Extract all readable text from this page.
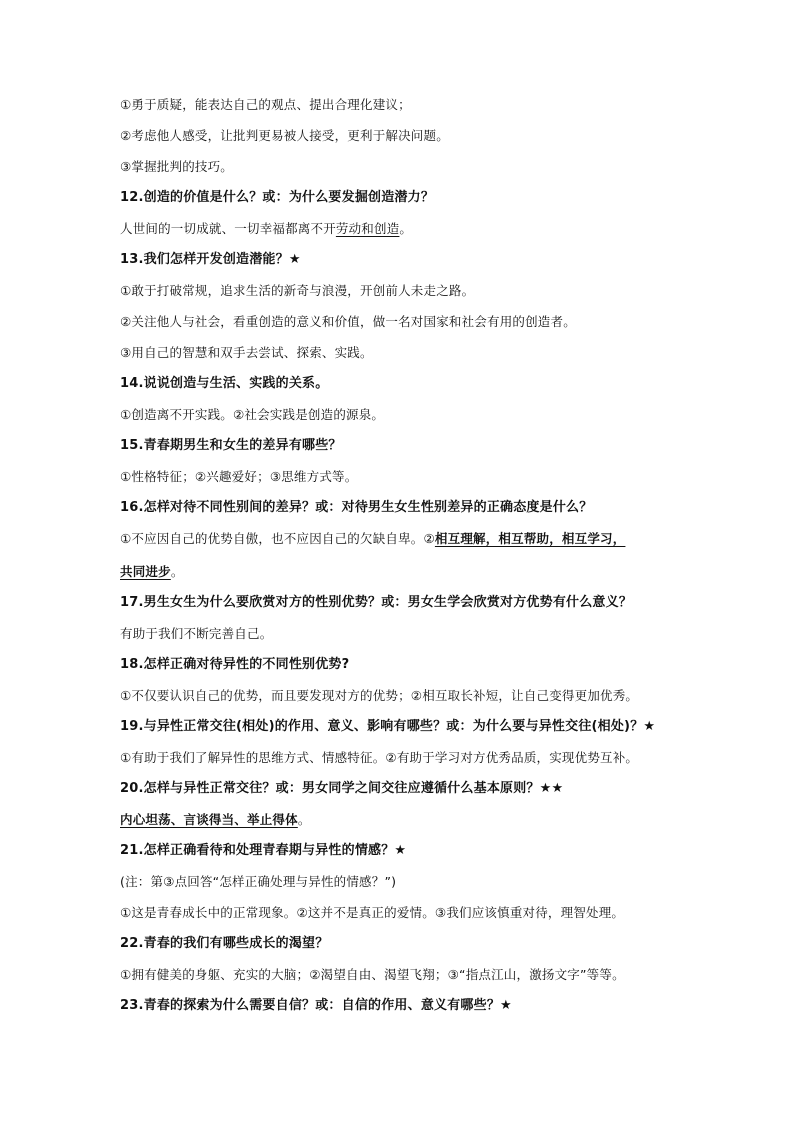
①勇于质疑，能表达自己的观点、提出合理化建议；
②考虑他人感受，让批判更易被人接受，更利于解决问题。
③掌握批判的技巧。
12.创造的价值是什么？或：为什么要发掘创造潜力？
人世间的一切成就、一切幸福都离不开劳动和创造。
13.我们怎样开发创造潜能？★
①敢于打破常规，追求生活的新奇与浪漫，开创前人未走之路。
②关注他人与社会，看重创造的意义和价值，做一名对国家和社会有用的创造者。
③用自己的智慧和双手去尝试、探索、实践。
14.说说创造与生活、实践的关系。
①创造离不开实践。②社会实践是创造的源泉。
15.青春期男生和女生的差异有哪些？
①性格特征；②兴趣爱好；③思维方式等。
16.怎样对待不同性别间的差异？或：对待男生女生性别差异的正确态度是什么？
①不应因自己的优势自傲，也不应因自己的欠缺自卑。②相互理解，相互帮助，相互学习，
共同进步。
17.男生女生为什么要欣赏对方的性别优势？或：男女生学会欣赏对方优势有什么意义？
有助于我们不断完善自己。
18.怎样正确对待异性的不同性别优势?
①不仅要认识自己的优势，而且要发现对方的优势；②相互取长补短，让自己变得更加优秀。
19.与异性正常交往(相处)的作用、意义、影响有哪些？或：为什么要与异性交往(相处)？★
①有助于我们了解异性的思维方式、情感特征。②有助于学习对方优秀品质，实现优势互补。
20.怎样与异性正常交往？或：男女同学之间交往应遵循什么基本原则？★★
内心坦荡、言谈得当、举止得体。
21.怎样正确看待和处理青春期与异性的情感？★
(注：第③点回答“怎样正确处理与异性的情感？”)
①这是青春成长中的正常现象。②这并不是真正的爱情。③我们应该慎重对待，理智处理。
22.青春的我们有哪些成长的渴望？
①拥有健美的身躯、充实的大脑；②渴望自由、渴望飞翔；③“指点江山，激扬文字”等等。
23.青春的探索为什么需要自信？或：自信的作用、意义有哪些？★
